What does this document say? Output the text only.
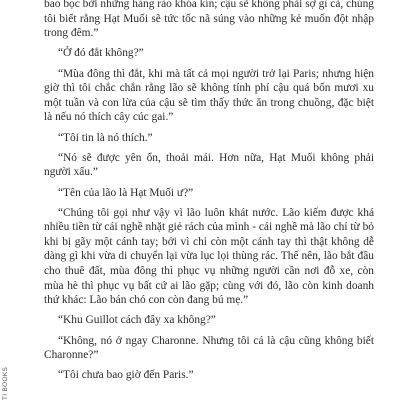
bao bọc bởi những hàng rào khóa kín; cậu sẽ không phải sợ gì cả, chúng tôi biết rằng Hạt Muối sẽ tức tốc nã súng vào những kẻ muốn đột nhập trong đêm.”

“Ở đó đắt không?”

“Mùa đông thì đắt, khi mà tất cả mọi người trở lại Paris; nhưng hiện giờ thì tôi chắc chắn rằng lão sẽ không tính phí cậu quá bốn mươi xu một tuần và con lừa của cậu sẽ tìm thấy thức ăn trong chuồng, đặc biệt là nếu nó thích cây cúc gai.”

“Tôi tin là nó thích.”

“Nó sẽ được yên ổn, thoải mái. Hơn nữa, Hạt Muối không phải người xấu.”

“Tên của lão là Hạt Muối ư?”

“Chúng tôi gọi như vậy vì lão luôn khát nước. Lão kiếm được khá nhiều tiền từ cái nghề nhặt giẻ rách của mình - cái nghề mà lão chỉ từ bỏ khi bị gãy một cánh tay; bởi vì chỉ còn một cánh tay thì thật không dễ dàng gì khi vừa di chuyển lại vừa lục lọi thùng rác. Thế nên, lão bắt đầu cho thuê đất, mùa đông thì phục vụ những người cần nơi đỗ xe, còn mùa hè thì phục vụ bất cứ ai lão gặp; cùng với đó, lão còn kinh doanh thứ khác: Lão bán chó con còn đang bú mẹ.”

“Khu Guillot cách đây xa không?”

“Không, nó ở ngay Charonne. Nhưng tôi cá là cậu cũng không biết Charonne?”

“Tôi chưa bao giờ đến Paris.”

TI BOOKS
